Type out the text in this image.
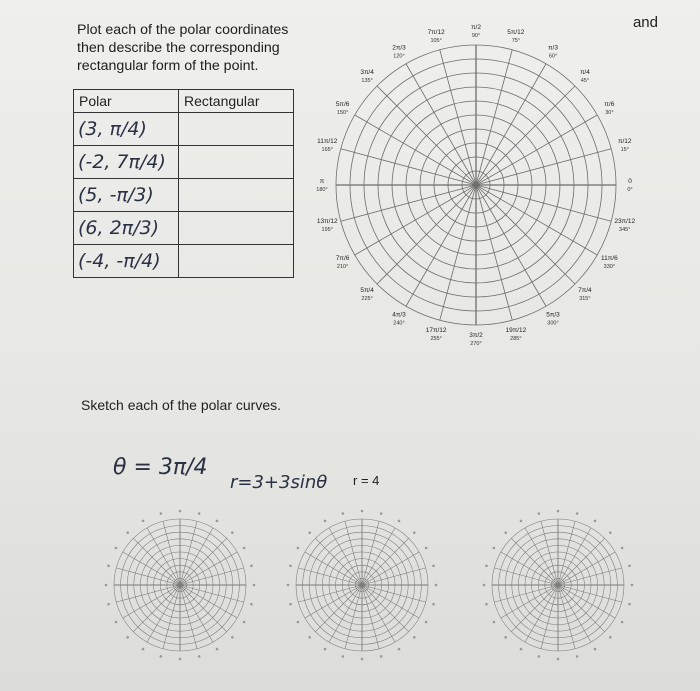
and
Plot each of the polar coordinates
then describe the corresponding
rectangular form of the point.
Polar	Rectangular
(3, π/4)	
(-2, 7π/4)	
(5, -π/3)	
(6, 2π/3)	
(-4, -π/4)	
π/2
90°	5π/12
75°
π/3
60°
π/4
45°
π/6
30°
π/12
15°
0
0°
23π/12
345°
11π/6
330°
7π/4
315°
5π/3
300°
19π/12
285°
3π/2
270°
17π/12
255°
4π/3
240°
5π/4
225°
7π/6
210°
13π/12
195°
π
180°
11π/12
165°
5π/6
150°
3π/4
135°
2π/3
120°
7π/12
105°
Sketch each of the polar curves.
θ = 3π/4
r=3+3sinθ r = 4
